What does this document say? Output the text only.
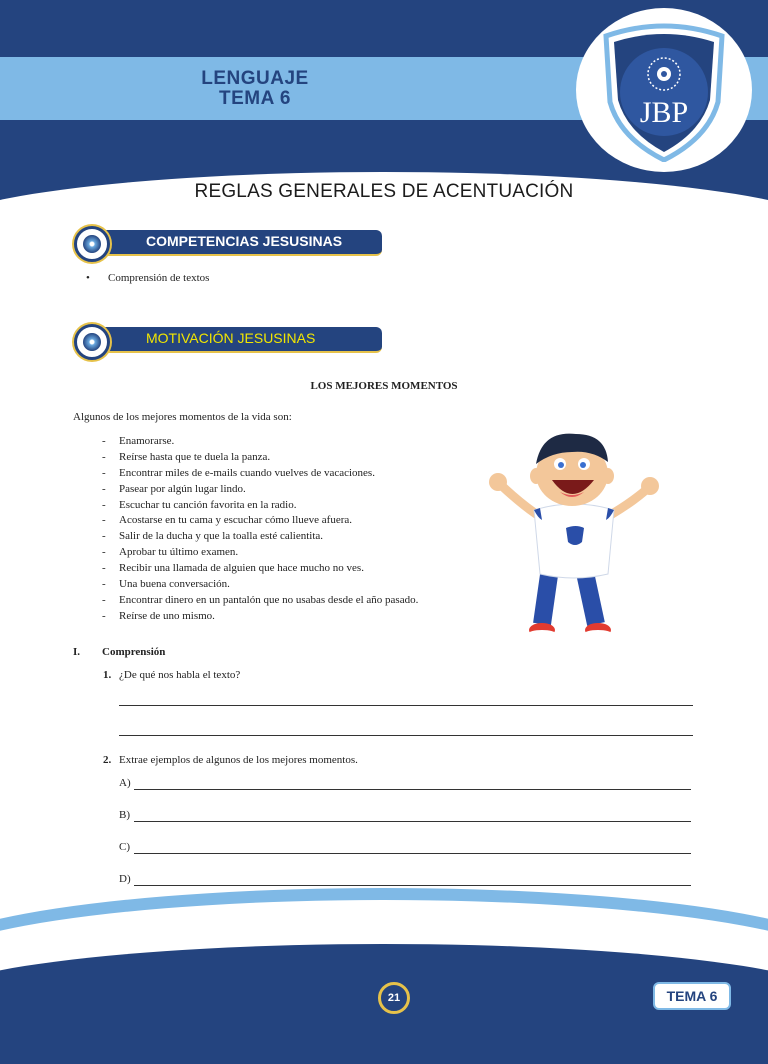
LENGUAJE
TEMA 6	JBP
REGLAS GENERALES DE ACENTUACIÓN
COMPETENCIAS JESUSINAS
• Comprensión de textos
MOTIVACIÓN JESUSINAS
LOS MEJORES MOMENTOS
Algunos de los mejores momentos de la vida son:
- Enamorarse.
- Reírse hasta que te duela la panza.
- Encontrar miles de e-mails cuando vuelves de vacaciones.
- Pasear por algún lugar lindo.
- Escuchar tu canción favorita en la radio.
- Acostarse en tu cama y escuchar cómo llueve afuera.
- Salir de la ducha y que la toalla esté calientita.
- Aprobar tu último examen.
- Recibir una llamada de alguien que hace mucho no ves.
- Una buena conversación.
- Encontrar dinero en un pantalón que no usabas desde el año pasado.
- Reírse de uno mismo.
I. Comprensión
1. ¿De qué nos habla el texto?
2. Extrae ejemplos de algunos de los mejores momentos.
A)
B)
C)
D)
21	TEMA 6
